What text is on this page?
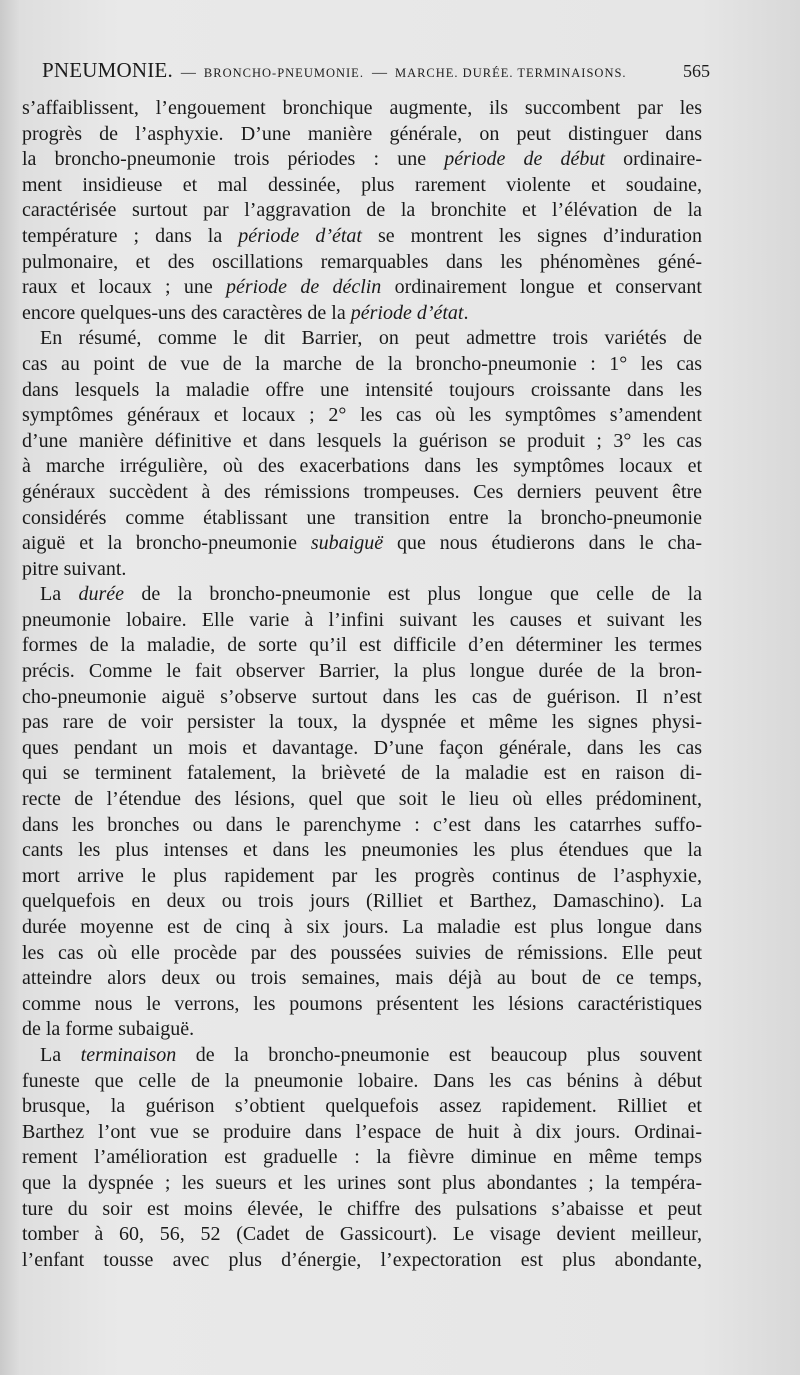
PNEUMONIE. — BRONCHO-PNEUMONIE. — MARCHE. DURÉE. TERMINAISONS.	565
s’affaiblissent, l’engouement bronchique augmente, ils succombent par les
progrès de l’asphyxie. D’une manière générale, on peut distinguer dans
la broncho-pneumonie trois périodes : une période de début ordinaire-
ment insidieuse et mal dessinée, plus rarement violente et soudaine,
caractérisée surtout par l’aggravation de la bronchite et l’élévation de la
température ; dans la période d’état se montrent les signes d’induration
pulmonaire, et des oscillations remarquables dans les phénomènes géné-
raux et locaux ; une période de déclin ordinairement longue et conservant
encore quelques-uns des caractères de la période d’état.
En résumé, comme le dit Barrier, on peut admettre trois variétés de
cas au point de vue de la marche de la broncho-pneumonie : 1° les cas
dans lesquels la maladie offre une intensité toujours croissante dans les
symptômes généraux et locaux ; 2° les cas où les symptômes s’amendent
d’une manière définitive et dans lesquels la guérison se produit ; 3° les cas
à marche irrégulière, où des exacerbations dans les symptômes locaux et
généraux succèdent à des rémissions trompeuses. Ces derniers peuvent être
considérés comme établissant une transition entre la broncho-pneumonie
aiguë et la broncho-pneumonie subaiguë que nous étudierons dans le cha-
pitre suivant.
La durée de la broncho-pneumonie est plus longue que celle de la
pneumonie lobaire. Elle varie à l’infini suivant les causes et suivant les
formes de la maladie, de sorte qu’il est difficile d’en déterminer les termes
précis. Comme le fait observer Barrier, la plus longue durée de la bron-
cho-pneumonie aiguë s’observe surtout dans les cas de guérison. Il n’est
pas rare de voir persister la toux, la dyspnée et même les signes physi-
ques pendant un mois et davantage. D’une façon générale, dans les cas
qui se terminent fatalement, la brièveté de la maladie est en raison di-
recte de l’étendue des lésions, quel que soit le lieu où elles prédominent,
dans les bronches ou dans le parenchyme : c’est dans les catarrhes suffo-
cants les plus intenses et dans les pneumonies les plus étendues que la
mort arrive le plus rapidement par les progrès continus de l’asphyxie,
quelquefois en deux ou trois jours (Rilliet et Barthez, Damaschino). La
durée moyenne est de cinq à six jours. La maladie est plus longue dans
les cas où elle procède par des poussées suivies de rémissions. Elle peut
atteindre alors deux ou trois semaines, mais déjà au bout de ce temps,
comme nous le verrons, les poumons présentent les lésions caractéristiques
de la forme subaiguë.
La terminaison de la broncho-pneumonie est beaucoup plus souvent
funeste que celle de la pneumonie lobaire. Dans les cas bénins à début
brusque, la guérison s’obtient quelquefois assez rapidement. Rilliet et
Barthez l’ont vue se produire dans l’espace de huit à dix jours. Ordinai-
rement l’amélioration est graduelle : la fièvre diminue en même temps
que la dyspnée ; les sueurs et les urines sont plus abondantes ; la tempéra-
ture du soir est moins élevée, le chiffre des pulsations s’abaisse et peut
tomber à 60, 56, 52 (Cadet de Gassicourt). Le visage devient meilleur,
l’enfant tousse avec plus d’énergie, l’expectoration est plus abondante,
